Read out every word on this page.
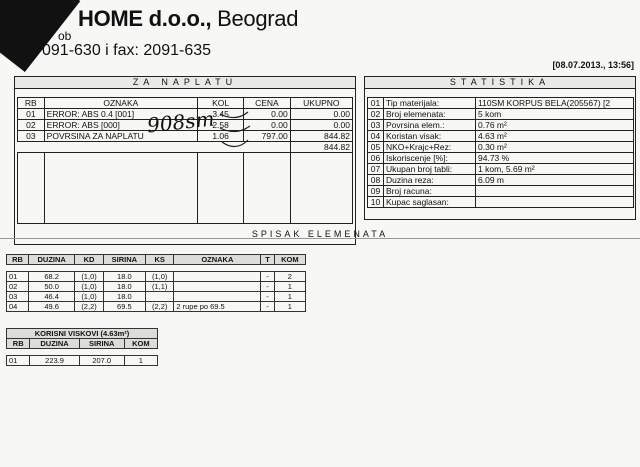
HOME d.o.o., Beograd
ob
091-630 i fax: 2091-635
[08.07.2013., 13:56]
ZA NAPLATU
RB	OZNAKA	KOL	CENA	UKUPNO
01	ERROR: ABS 0.4 [001]	3.45	0.00	0.00
02	ERROR: ABS [000]	2.58	0.00	0.00
03	POVRSINA ZA NAPLATU	1.06	797.00	844.82
				844.82

908sm
STATISTIKA
01	Tip materijala:	110SM KORPUS BELA(205567) [2
02	Broj elemenata:	5 kom
03	Povrsina elem.:	0.76 m²
04	Koristan visak:	4.63 m²
05	NKO+Krajc+Rez:	0.30 m²
06	Iskoriscenje [%]:	94.73 %
07	Ukupan broj tabli:	1 kom, 5.69 m²
08	Duzina reza:	6.09 m
09	Broj racuna:	
10	Kupac saglasan:	
SPISAK ELEMENATA
RB	DUZINA	KD	SIRINA	KS	OZNAKA	T	KOM

01	68.2	(1,0)	18.0	(1,0)		-	2
02	50.0	(1,0)	18.0	(1,1)		-	1
03	46.4	(1,0)	18.0			-	1
04	49.6	(2,2)	69.5	(2,2)	2 rupe po 69.5	-	1
KORISNI VISKOVI (4.63m²)			
RB	DUZINA	SIRINA	KOM

01	223.9	207.0	1
